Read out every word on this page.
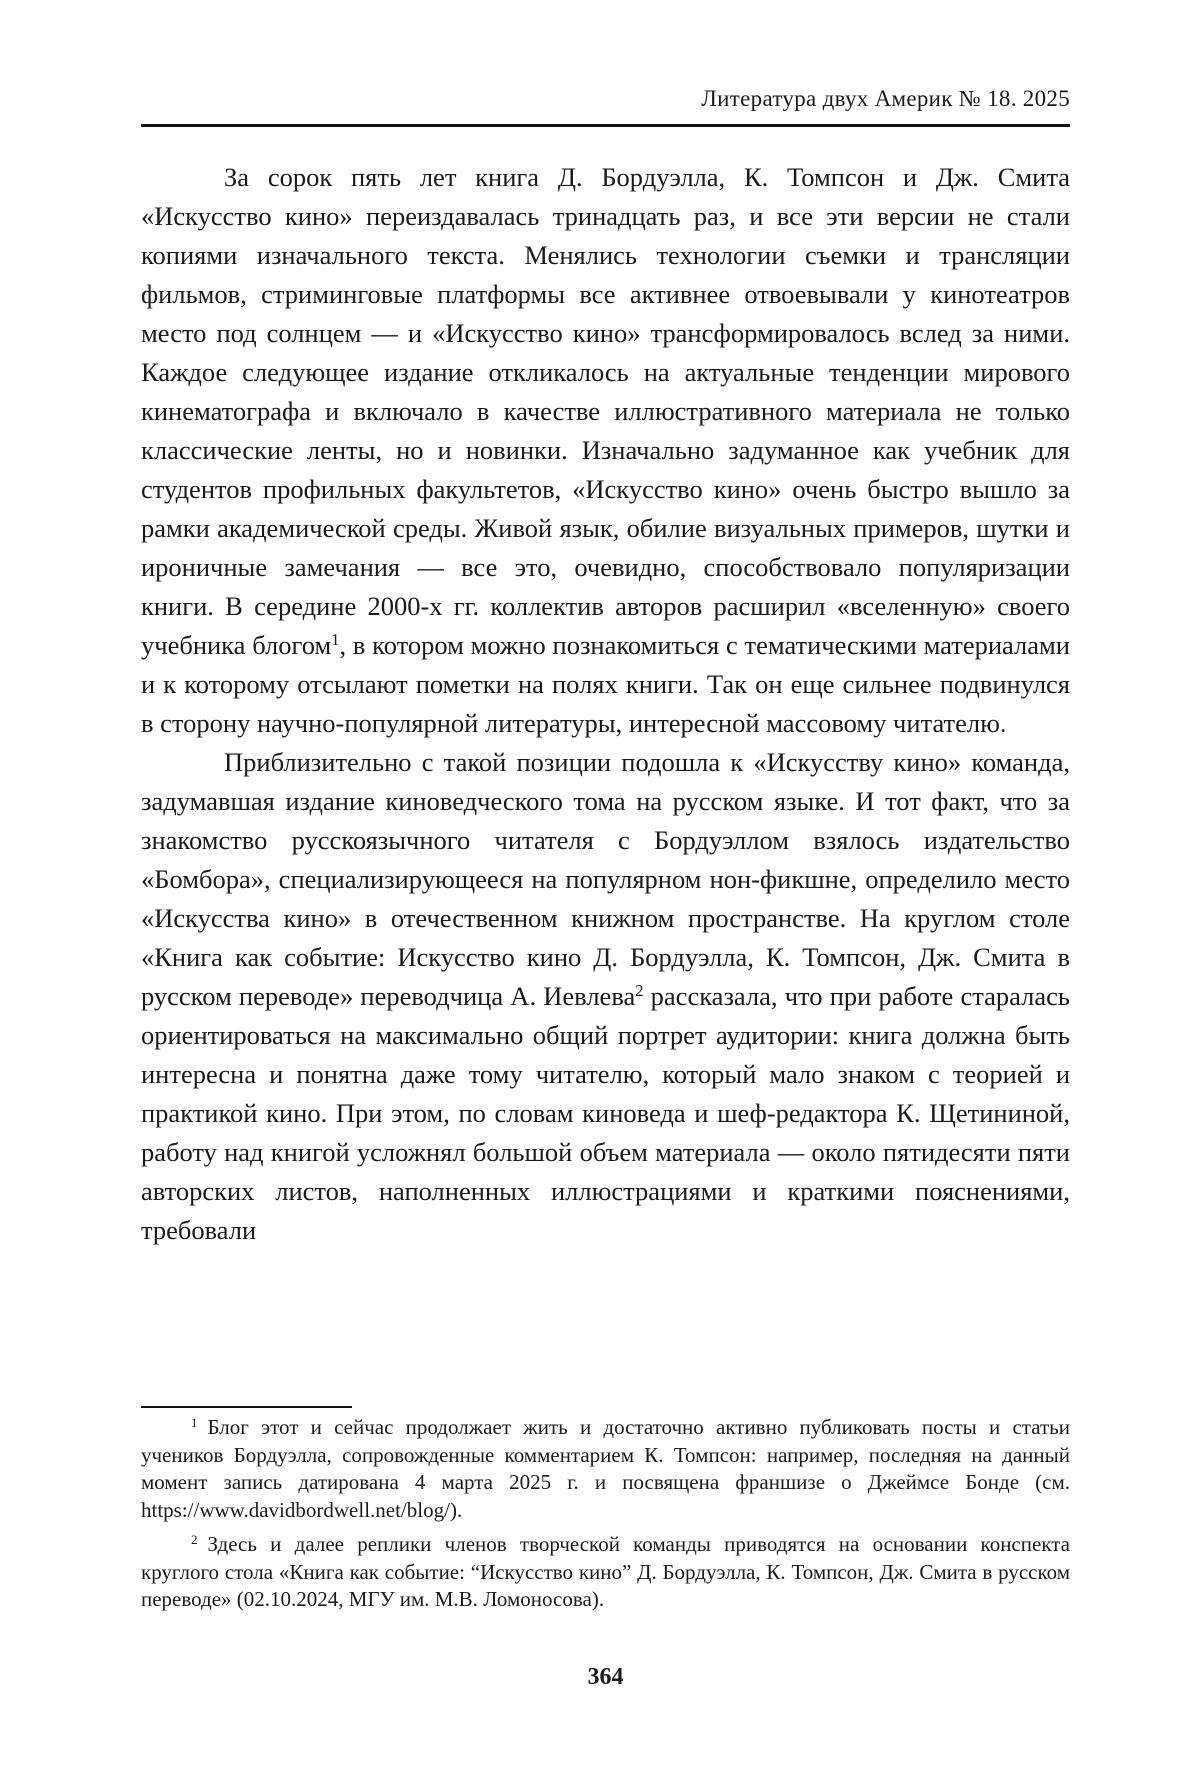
Литература двух Америк № 18. 2025

За сорок пять лет книга Д. Бордуэлла, К. Томпсон и Дж. Смита «Искусство кино» переиздавалась тринадцать раз, и все эти версии не стали копиями изначального текста. Менялись технологии съемки и трансляции фильмов, стриминговые платформы все активнее отвоевывали у кинотеатров место под солнцем — и «Искусство кино» трансформировалось вслед за ними. Каждое следующее издание откликалось на актуальные тенденции мирового кинематографа и включало в качестве иллюстративного материала не только классические ленты, но и новинки. Изначально задуманное как учебник для студентов профильных факультетов, «Искусство кино» очень быстро вышло за рамки академической среды. Живой язык, обилие визуальных примеров, шутки и ироничные замечания — все это, очевидно, способствовало популяризации книги. В середине 2000-х гг. коллектив авторов расширил «вселенную» своего учебника блогом$^1$, в котором можно познакомиться с тематическими материалами и к которому отсылают пометки на полях книги. Так он еще сильнее подвинулся в сторону научно-популярной литературы, интересной массовому читателю.

Приблизительно с такой позиции подошла к «Искусству кино» команда, задумавшая издание киноведческого тома на русском языке. И тот факт, что за знакомство русскоязычного читателя с Бордуэллом взялось издательство «Бомбора», специализирующееся на популярном нон-фикшне, определило место «Искусства кино» в отечественном книжном пространстве. На круглом столе «Книга как событие: Искусство кино Д. Бордуэлла, К. Томпсон, Дж. Смита в русском переводе» переводчица А. Иевлева$^2$ рассказала, что при работе старалась ориентироваться на максимально общий портрет аудитории: книга должна быть интересна и понятна даже тому читателю, который мало знаком с теорией и практикой кино. При этом, по словам киноведа и шеф-редактора К. Щетининой, работу над книгой усложнял большой объем материала — около пятидесяти пяти авторских листов, наполненных иллюстрациями и краткими пояснениями, требовали

$^1$ Блог этот и сейчас продолжает жить и достаточно активно публиковать посты и статьи учеников Бордуэлла, сопровожденные комментарием К. Томпсон: например, последняя на данный момент запись датирована 4 марта 2025 г. и посвящена франшизе о Джеймсе Бонде (см. https://www.davidbordwell.net/blog/).

$^2$ Здесь и далее реплики членов творческой команды приводятся на основании конспекта круглого стола «Книга как событие: “Искусство кино” Д. Бордуэлла, К. Томпсон, Дж. Смита в русском переводе» (02.10.2024, МГУ им. М.В. Ломоносова).

364
